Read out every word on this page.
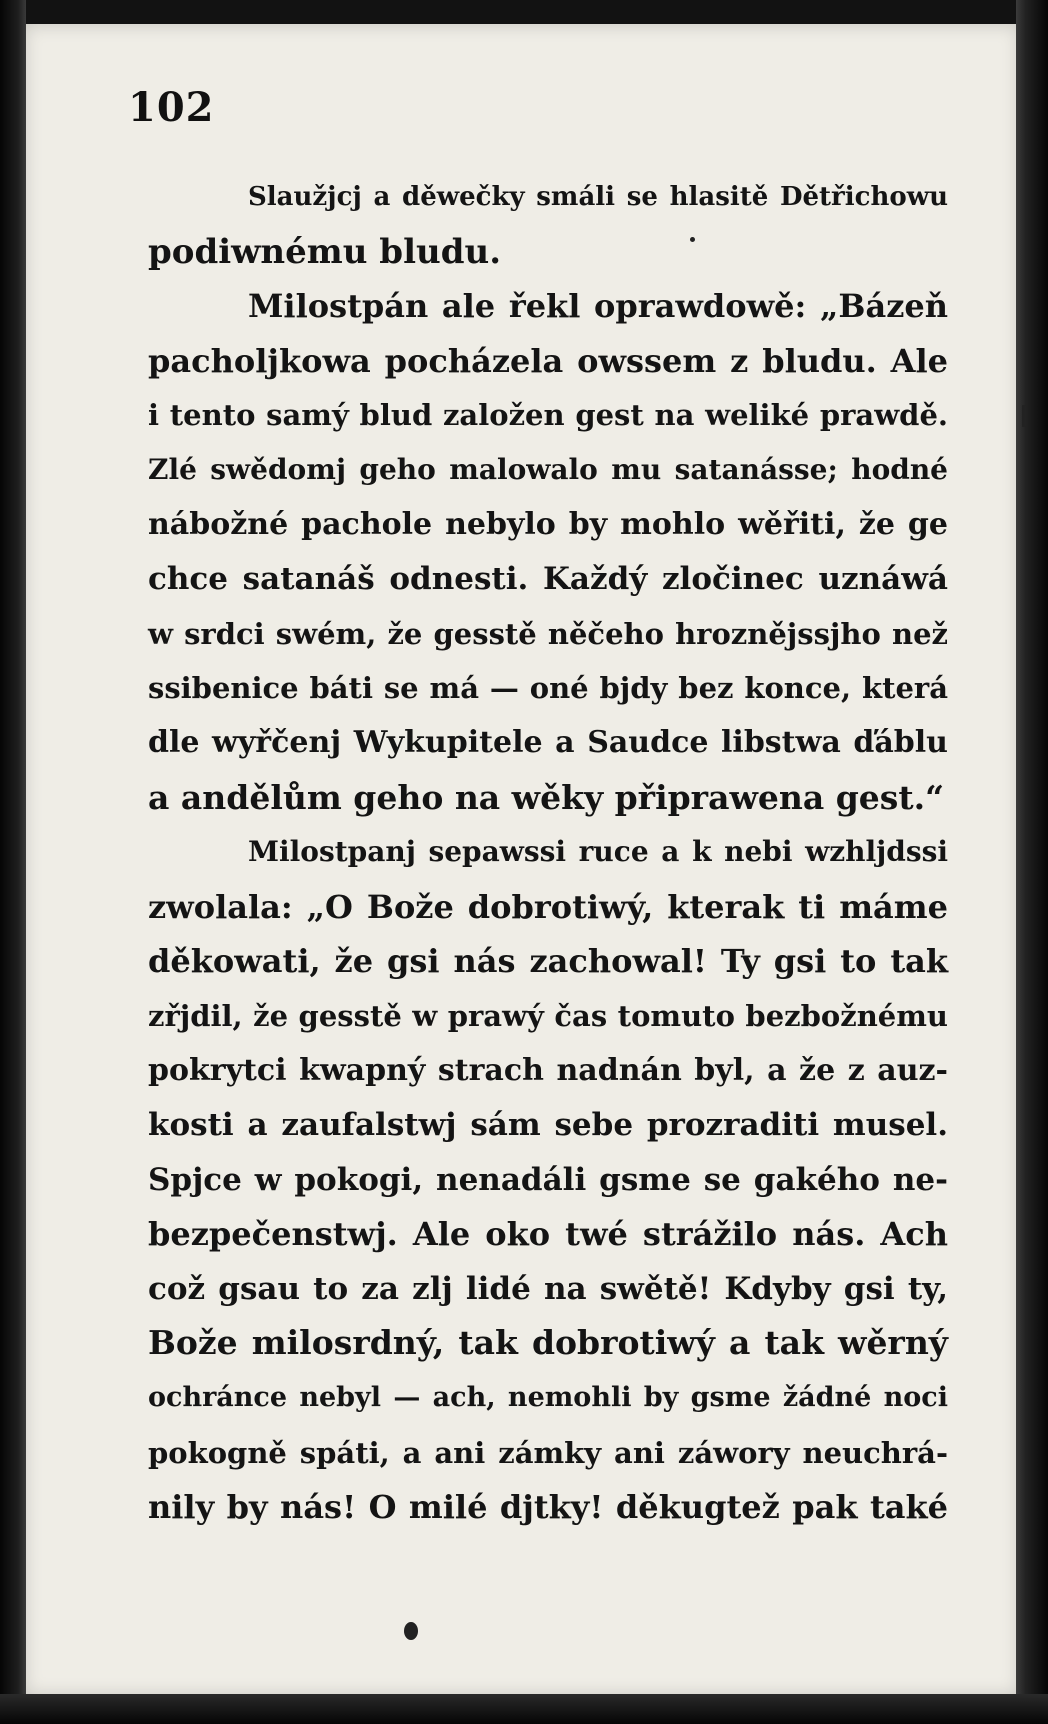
102
Slaužjcj a děwečky smáli se hlasitě Dětřichowu
podiwnému bludu.
Milostpán ale řekl oprawdowě: „Bázeň
pacholjkowa pocházela owssem z bludu. Ale
i tento samý blud založen gest na weliké prawdě.
Zlé swědomj geho malowalo mu satanásse; hodné
nábožné pachole nebylo by mohlo wěřiti, že ge
chce satanáš odnesti. Každý zločinec uznáwá
w srdci swém, že gesstě něčeho hroznějssjho než
ssibenice báti se má — oné bjdy bez konce, která
dle wyřčenj Wykupitele a Saudce libstwa ďáblu
a andělům geho na wěky připrawena gest.“
Milostpanj sepawssi ruce a k nebi wzhljdssi
zwolala: „O Bože dobrotiwý, kterak ti máme
děkowati, že gsi nás zachowal! Ty gsi to tak
zřjdil, že gesstě w prawý čas tomuto bezbožnému
pokrytci kwapný strach nadnán byl, a že z auz-
kosti a zaufalstwj sám sebe prozraditi musel.
Spjce w pokogi, nenadáli gsme se gakého ne-
bezpečenstwj. Ale oko twé strážilo nás. Ach
což gsau to za zlj lidé na swětě! Kdyby gsi ty,
Bože milosrdný, tak dobrotiwý a tak wěrný
ochránce nebyl — ach, nemohli by gsme žádné noci
pokogně spáti, a ani zámky ani záwory neuchrá-
nily by nás! O milé djtky! děkugtež pak také
